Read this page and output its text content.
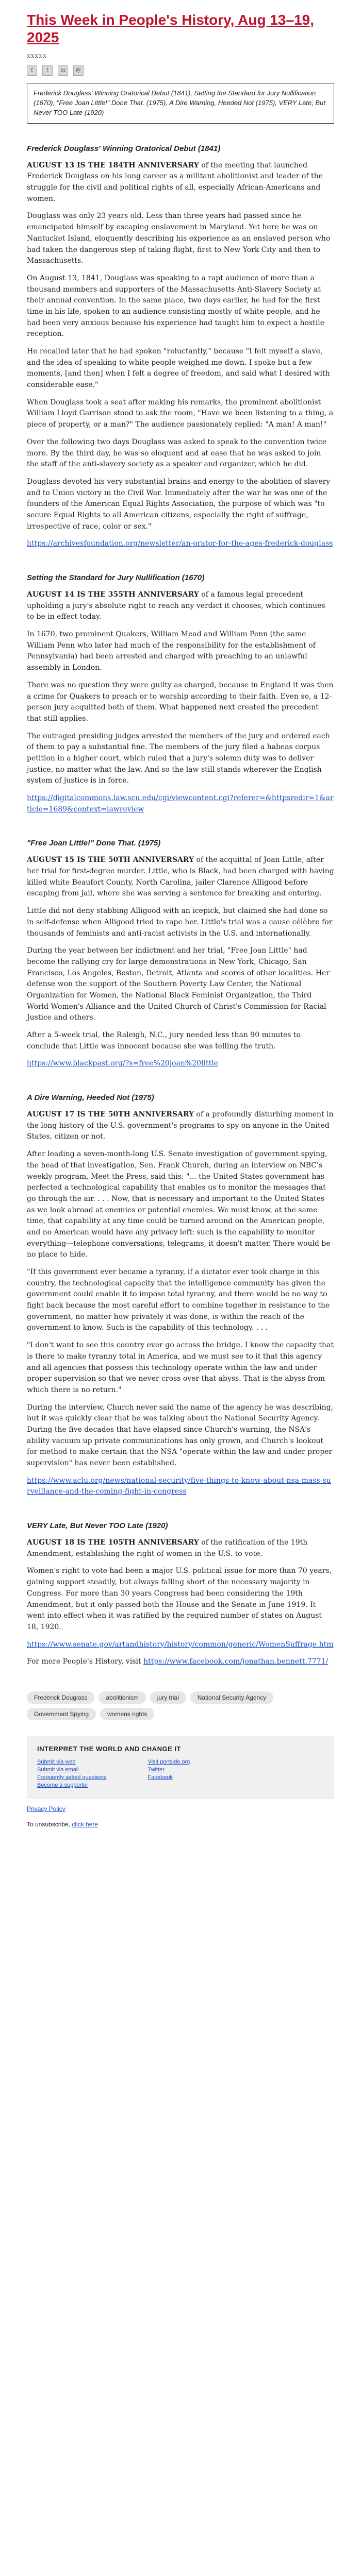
This Week in People's History, Aug 13–19, 2025
xxxxx
f	t	in	@
Frederick Douglass' Winning Oratorical Debut (1841), Setting the Standard for Jury Nullification (1670), "Free Joan Little!" Done That. (1975), A Dire Warning, Heeded Not (1975), VERY Late, But Never TOO Late (1920)
Frederick Douglass' Winning Oratorical Debut (1841)

AUGUST 13 IS THE 184TH ANNIVERSARY of the meeting that launched Frederick Douglass on his long career as a militant abolitionist and leader of the struggle for the civil and political rights of all, especially African-Americans and women.

Douglass was only 23 years old. Less than three years had passed since he emancipated himself by escaping enslavement in Maryland. Yet here he was on Nantucket Island, eloquently describing his experience as an enslaved person who had taken the dangerous step of taking flight, first to New York City and then to Massachusetts.

On August 13, 1841, Douglass was speaking to a rapt audience of more than a thousand members and supporters of the Massachusetts Anti-Slavery Society at their annual convention. In the same place, two days earlier, he had for the first time in his life, spoken to an audience consisting mostly of white people, and he had been very anxious because his experience had taught him to expect a hostile reception.

He recalled later that he had spoken "reluctantly," because "I felt myself a slave, and the idea of speaking to white people weighed me down. I spoke but a few moments, [and then] when I felt a degree of freedom, and said what I desired with considerable ease."

When Douglass took a seat after making his remarks, the prominent abolitionist William Lloyd Garrison stood to ask the room, "Have we been listening to a thing, a piece of property, or a man?" The audience passionately replied: "A man! A man!"

Over the following two days Douglass was asked to speak to the convention twice more. By the third day, he was so eloquent and at ease that he was asked to join the staff of the anti-slavery society as a speaker and organizer, which he did.

Douglass devoted his very substantial brains and energy to the abolition of slavery and to Union victory in the Civil War. Immediately after the war he was one of the founders of the American Equal Rights Association, the purpose of which was "to secure Equal Rights to all American citizens, especially the right of suffrage, irrespective of race, color or sex."

https://archivesfoundation.org/newsletter/an-orator-for-the-ages-frederick-douglass

Setting the Standard for Jury Nullification (1670)

AUGUST 14 IS THE 355TH ANNIVERSARY of a famous legal precedent upholding a jury's absolute right to reach any verdict it chooses, which continues to be in effect today.

In 1670, two prominent Quakers, William Mead and William Penn (the same William Penn who later had much of the responsibility for the establishment of Pennsylvania) had been arrested and charged with preaching to an unlawful assembly in London.

There was no question they were guilty as charged, because in England it was then a crime for Quakers to preach or to worship according to their faith. Even so, a 12-person jury acquitted both of them. What happened next created the precedent that still applies.

The outraged presiding judges arrested the members of the jury and ordered each of them to pay a substantial fine. The members of the jury filed a habeas corpus petition in a higher court, which ruled that a jury's solemn duty was to deliver justice, no matter what the law. And so the law still stands wherever the English system of justice is in force.

https://digitalcommons.law.scu.edu/cgi/viewcontent.cgi?referer=&httpsredir=1&article=1689&context=lawreview

"Free Joan Little!" Done That. (1975)

AUGUST 15 IS THE 50TH ANNIVERSARY of the acquittal of Joan Little, after her trial for first-degree murder. Little, who is Black, had been charged with having killed white Beaufort County, North Carolina, jailer Clarence Alligood before escaping from jail, where she was serving a sentence for breaking and entering.

Little did not deny stabbing Alligood with an icepick, but claimed she had done so in self-defense when Alligood tried to rape her. Little's trial was a cause célèbre for thousands of feminists and anti-racist activists in the U.S. and internationally.

During the year between her indictment and her trial, "Free Joan Little" had become the rallying cry for large demonstrations in New York, Chicago, San Francisco, Los Angeles, Boston, Detroit, Atlanta and scores of other localities. Her defense won the support of the Southern Poverty Law Center, the National Organization for Women, the National Black Feminist Organization, the Third World Women's Alliance and the United Church of Christ's Commission for Racial Justice and others.

After a 5-week trial, the Raleigh, N.C., jury needed less than 90 minutes to conclude that Little was innocent because she was telling the truth.

https://www.blackpast.org/?s=free%20joan%20little

A Dire Warning, Heeded Not (1975)

AUGUST 17 IS THE 50TH ANNIVERSARY of a profoundly disturbing moment in the long history of the U.S. government's programs to spy on anyone in the United States, citizen or not.

After leading a seven-month-long U.S. Senate investigation of government spying, the head of that investigation, Sen. Frank Church, during an interview on NBC's weekly program, Meet the Press, said this: "... the United States government has perfected a technological capability that enables us to monitor the messages that go through the air. . . . Now, that is necessary and important to the United States as we look abroad at enemies or potential enemies. We must know, at the same time, that capability at any time could be turned around on the American people, and no American would have any privacy left: such is the capability to monitor everything—telephone conversations, telegrams, it doesn't matter. There would be no place to hide.

"If this government ever became a tyranny, if a dictator ever took charge in this country, the technological capacity that the intelligence community has given the government could enable it to impose total tyranny, and there would be no way to fight back because the most careful effort to combine together in resistance to the government, no matter how privately it was done, is within the reach of the government to know. Such is the capability of this technology. . . .

"I don't want to see this country ever go across the bridge. I know the capacity that is there to make tyranny total in America, and we must see to it that this agency and all agencies that possess this technology operate within the law and under proper supervision so that we never cross over that abyss. That is the abyss from which there is no return."

During the interview, Church never said the name of the agency he was describing, but it was quickly clear that he was talking about the National Security Agency. During the five decades that have elapsed since Church's warning, the NSA's ability vacuum up private communications has only grown, and Church's lookout for method to make certain that the NSA "operate within the law and under proper supervision" has never been established.

https://www.aclu.org/news/national-security/five-things-to-know-about-nsa-mass-surveillance-and-the-coming-fight-in-congress

VERY Late, But Never TOO Late (1920)

AUGUST 18 IS THE 105TH ANNIVERSARY of the ratification of the 19th Amendment, establishing the right of women in the U.S. to vote.

Women's right to vote had been a major U.S. political issue for more than 70 years, gaining support steadily, but always falling short of the necessary majority in Congress. For more than 30 years Congress had been considering the 19th Amendment, but it only passed both the House and the Senate in June 1919. It went into effect when it was ratified by the required number of states on August 18, 1920.

https://www.senate.gov/artandhistory/history/common/generic/WomenSuffrage.htm

For more People's History, visit https://www.facebook.com/jonathan.bennett.7771/

Frederick Douglass	abolitionism	jury trial	National Security Agency
Government Spying	womens rights
INTERPRET THE WORLD AND CHANGE IT
Submit via web
Submit via email
Frequently asked questions
Become a supporter
Visit portside.org
Twitter
Facebook
Privacy Policy
To unsubscribe, click here
